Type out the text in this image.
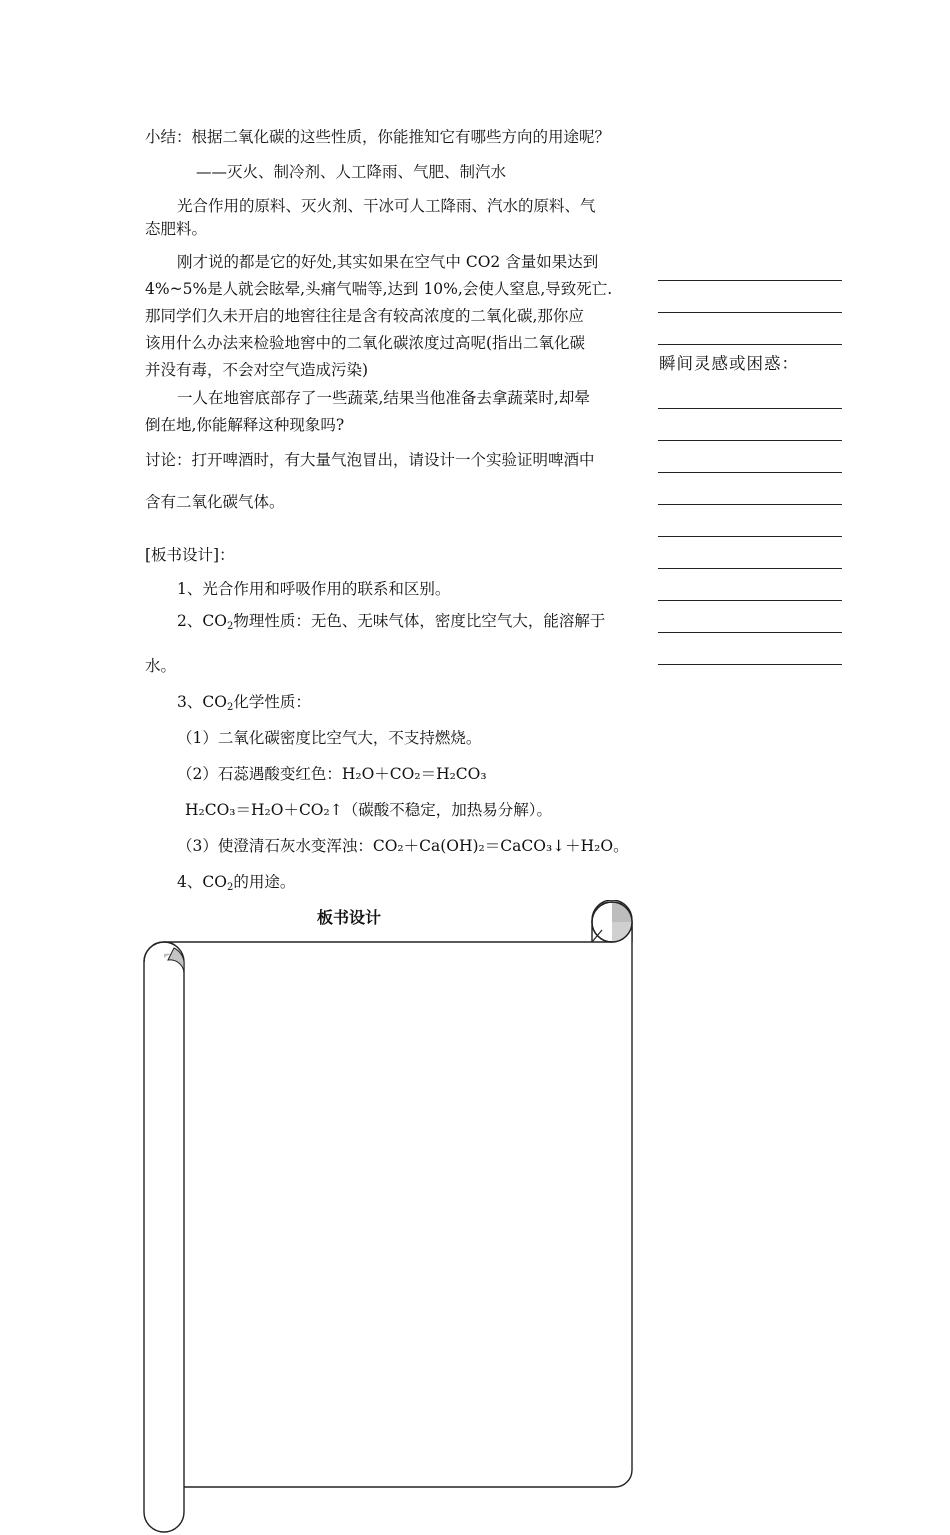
小结：根据二氧化碳的这些性质，你能推知它有哪些方向的用途呢？
——灭火、制冷剂、人工降雨、气肥、制汽水
光合作用的原料、灭火剂、干冰可人工降雨、汽水的原料、气
态肥料。
刚才说的都是它的好处,其实如果在空气中 CO2 含量如果达到
4%~5%是人就会眩晕,头痛气喘等,达到 10%,会使人窒息,导致死亡.
那同学们久未开启的地窖往往是含有较高浓度的二氧化碳,那你应
该用什么办法来检验地窖中的二氧化碳浓度过高呢(指出二氧化碳
并没有毒，不会对空气造成污染)
一人在地窖底部存了一些蔬菜,结果当他准备去拿蔬菜时,却晕
倒在地,你能解释这种现象吗?
讨论：打开啤酒时，有大量气泡冒出，请设计一个实验证明啤酒中
含有二氧化碳气体。
[板书设计]：
1、光合作用和呼吸作用的联系和区别。
2、$CO_2$物理性质：无色、无味气体，密度比空气大，能溶解于
水。
3、$CO_2$化学性质：
（1）二氧化碳密度比空气大，不支持燃烧。
（2）石蕊遇酸变红色：H₂O＋CO₂＝H₂CO₃
H₂CO₃＝H₂O＋CO₂↑（碳酸不稳定，加热易分解）。
（3）使澄清石灰水变浑浊：CO₂＋Ca(OH)₂＝CaCO₃↓＋H₂O。
4、$CO_2$的用途。
瞬间灵感或困惑：
板书设计
